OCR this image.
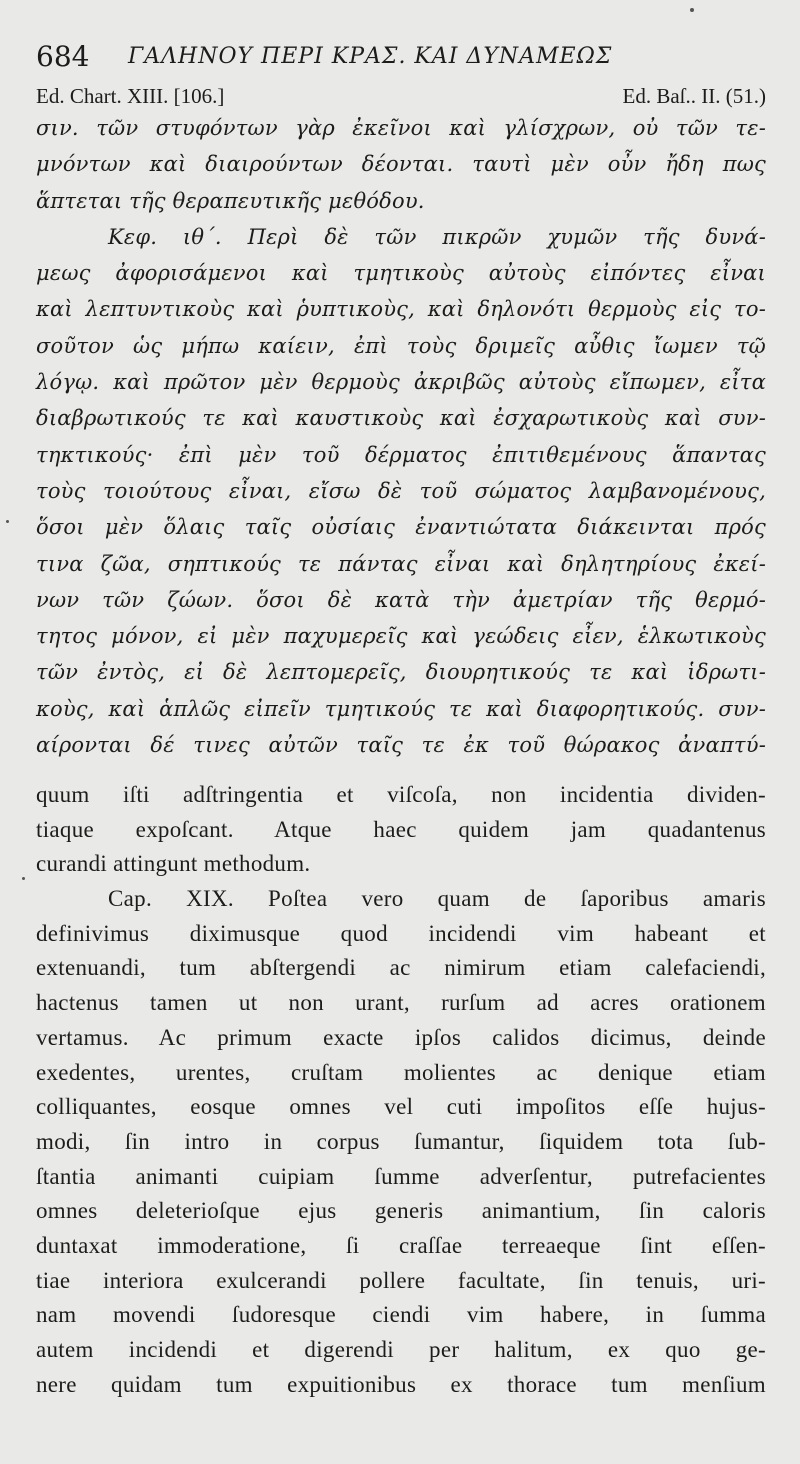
684 ΓΑΛΗΝΟΥ ΠΕΡΙ ΚΡΑΣ. ΚΑΙ ΔΥΝΑΜΕΩΣ
Ed. Chart. XIII. [106.]	Ed. Baſ.. II. (51.)
σιν. τῶν στυφόντων γὰρ ἐκεῖνοι καὶ γλίσχρων, οὐ τῶν τε-
μνόντων καὶ διαιρούντων δέονται. ταυτὶ μὲν οὖν ἤδη πως
ἅπτεται τῆς θεραπευτικῆς μεθόδου.
Κεφ. ιθ΄. Περὶ δὲ τῶν πικρῶν χυμῶν τῆς δυνά-
μεως ἀφορισάμενοι καὶ τμητικοὺς αὐτοὺς εἰπόντες εἶναι
καὶ λεπτυντικοὺς καὶ ῥυπτικοὺς, καὶ δηλονότι θερμοὺς εἰς το-
σοῦτον ὡς μήπω καίειν, ἐπὶ τοὺς δριμεῖς αὖθις ἴωμεν τῷ
λόγῳ. καὶ πρῶτον μὲν θερμοὺς ἀκριβῶς αὐτοὺς εἴπωμεν, εἶτα
διαβρωτικούς τε καὶ καυστικοὺς καὶ ἐσχαρωτικοὺς καὶ συν-
τηκτικούς· ἐπὶ μὲν τοῦ δέρματος ἐπιτιθεμένους ἅπαντας
τοὺς τοιούτους εἶναι, εἴσω δὲ τοῦ σώματος λαμβανομένους,
ὅσοι μὲν ὅλαις ταῖς οὐσίαις ἐναντιώτατα διάκεινται πρός
τινα ζῶα, σηπτικούς τε πάντας εἶναι καὶ δηλητηρίους ἐκεί-
νων τῶν ζώων. ὅσοι δὲ κατὰ τὴν ἀμετρίαν τῆς θερμό-
τητος μόνον, εἰ μὲν παχυμερεῖς καὶ γεώδεις εἶεν, ἑλκωτικοὺς
τῶν ἐντὸς, εἰ δὲ λεπτομερεῖς, διουρητικούς τε καὶ ἱδρωτι-
κοὺς, καὶ ἁπλῶς εἰπεῖν τμητικούς τε καὶ διαφορητικούς. συν-
αίρονται δέ τινες αὐτῶν ταῖς τε ἐκ τοῦ θώρακος ἀναπτύ-
quum iſti adſtringentia et viſcoſa, non incidentia dividen-
tiaque expoſcant. Atque haec quidem jam quadantenus
curandi attingunt methodum.
Cap. XIX. Poſtea vero quam de ſaporibus amaris
definivimus diximusque quod incidendi vim habeant et
extenuandi, tum abſtergendi ac nimirum etiam calefaciendi,
hactenus tamen ut non urant, rurſum ad acres orationem
vertamus. Ac primum exacte ipſos calidos dicimus, deinde
exedentes, urentes, cruſtam molientes ac denique etiam
colliquantes, eosque omnes vel cuti impoſitos eſſe hujus-
modi, ſin intro in corpus ſumantur, ſiquidem tota ſub-
ſtantia animanti cuipiam ſumme adverſentur, putrefacientes
omnes deleterioſque ejus generis animantium, ſin caloris
duntaxat immoderatione, ſi craſſae terreaeque ſint eſſen-
tiae interiora exulcerandi pollere facultate, ſin tenuis, uri-
nam movendi ſudoresque ciendi vim habere, in ſumma
autem incidendi et digerendi per halitum, ex quo ge-
nere quidam tum expuitionibus ex thorace tum menſium
